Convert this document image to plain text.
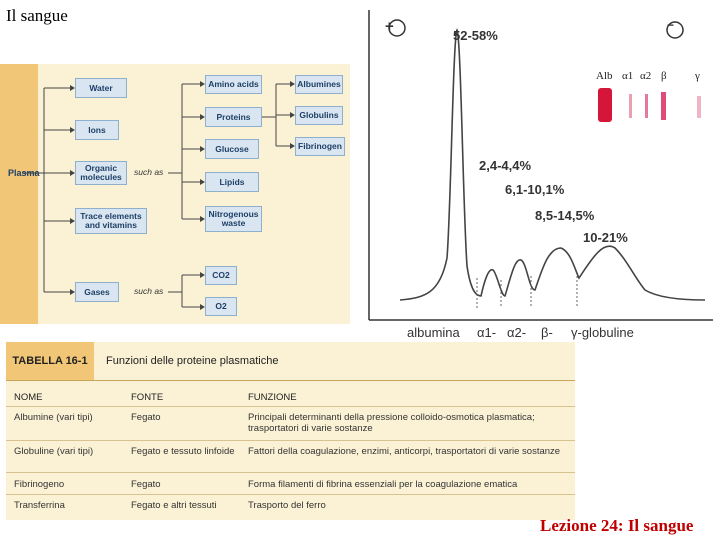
Il sangue
Plasma	such as
such as
Water
Ions
Organic molecules
Trace elements and vitamins
Gases
Amino acids
Proteins
Glucose
Lipids
Nitrogenous waste
Albumines
Globulins
Fibrinogen
CO2
O2
+	−
52-58%
2,4-4,4%
6,1-10,1%
8,5-14,5%
10-21%
Alb α1 α2 β	γ
albumina α1- α2- β- γ-globuline
TABELLA 16-1	Funzioni delle proteine plasmatiche
NOME	FONTE	FUNZIONE
Albumine (vari tipi)	Fegato	Principali determinanti della pressione colloido-osmotica plasmatica; trasportatori di varie sostanze
Globuline (vari tipi)	Fegato e tessuto linfoide	Fattori della coagulazione, enzimi, anticorpi, trasportatori di varie sostanze
Fibrinogeno	Fegato	Forma filamenti di fibrina essenziali per la coagulazione ematica
Transferrina	Fegato e altri tessuti	Trasporto del ferro
Lezione 24: Il sangue
